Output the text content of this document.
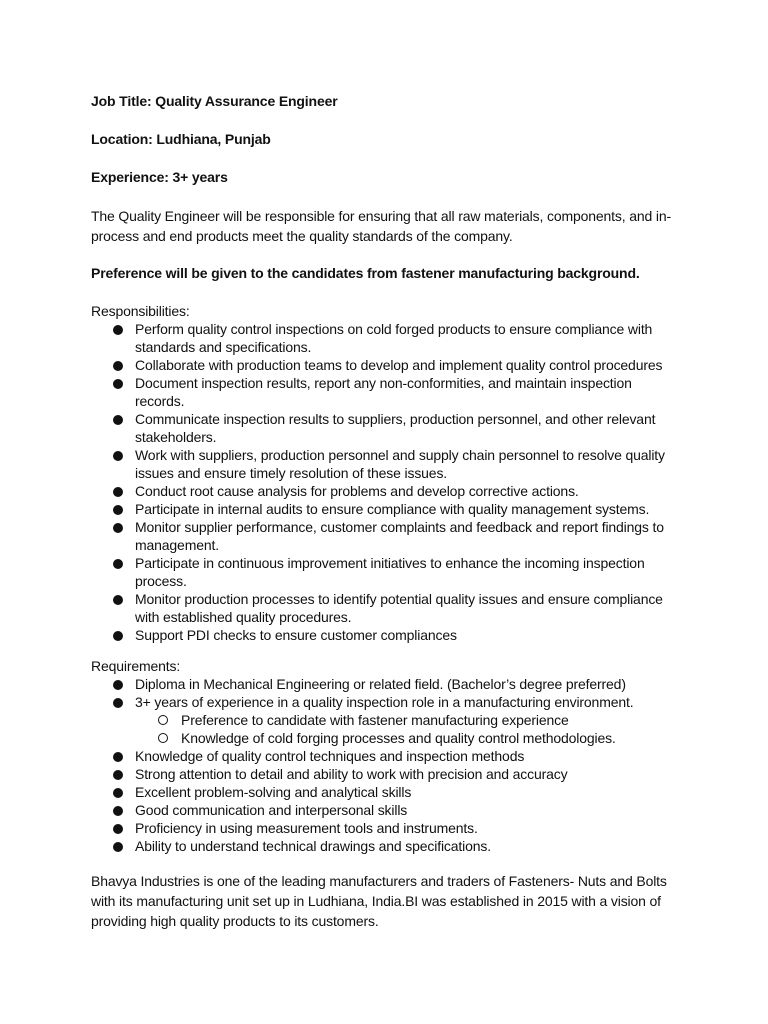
Job Title: Quality Assurance Engineer
Location: Ludhiana, Punjab
Experience: 3+ years
The Quality Engineer will be responsible for ensuring that all raw materials, components, and in-process and end products meet the quality standards of the company.
Preference will be given to the candidates from fastener manufacturing background.
Responsibilities:
Perform quality control inspections on cold forged products to ensure compliance with standards and specifications.
Collaborate with production teams to develop and implement quality control procedures
Document inspection results, report any non-conformities, and maintain inspection records.
Communicate inspection results to suppliers, production personnel, and other relevant stakeholders.
Work with suppliers, production personnel and supply chain personnel to resolve quality issues and ensure timely resolution of these issues.
Conduct root cause analysis for problems and develop corrective actions.
Participate in internal audits to ensure compliance with quality management systems.
Monitor supplier performance, customer complaints and feedback and report findings to management.
Participate in continuous improvement initiatives to enhance the incoming inspection process.
Monitor production processes to identify potential quality issues and ensure compliance with established quality procedures.
Support PDI checks to ensure customer compliances
Requirements:
Diploma in Mechanical Engineering or related field. (Bachelor’s degree preferred)
3+ years of experience in a quality inspection role in a manufacturing environment.
Preference to candidate with fastener manufacturing experience
Knowledge of cold forging processes and quality control methodologies.
Knowledge of quality control techniques and inspection methods
Strong attention to detail and ability to work with precision and accuracy
Excellent problem-solving and analytical skills
Good communication and interpersonal skills
Proficiency in using measurement tools and instruments.
Ability to understand technical drawings and specifications.
Bhavya Industries is one of the leading manufacturers and traders of Fasteners- Nuts and Bolts with its manufacturing unit set up in Ludhiana, India.BI was established in 2015 with a vision of providing high quality products to its customers.
